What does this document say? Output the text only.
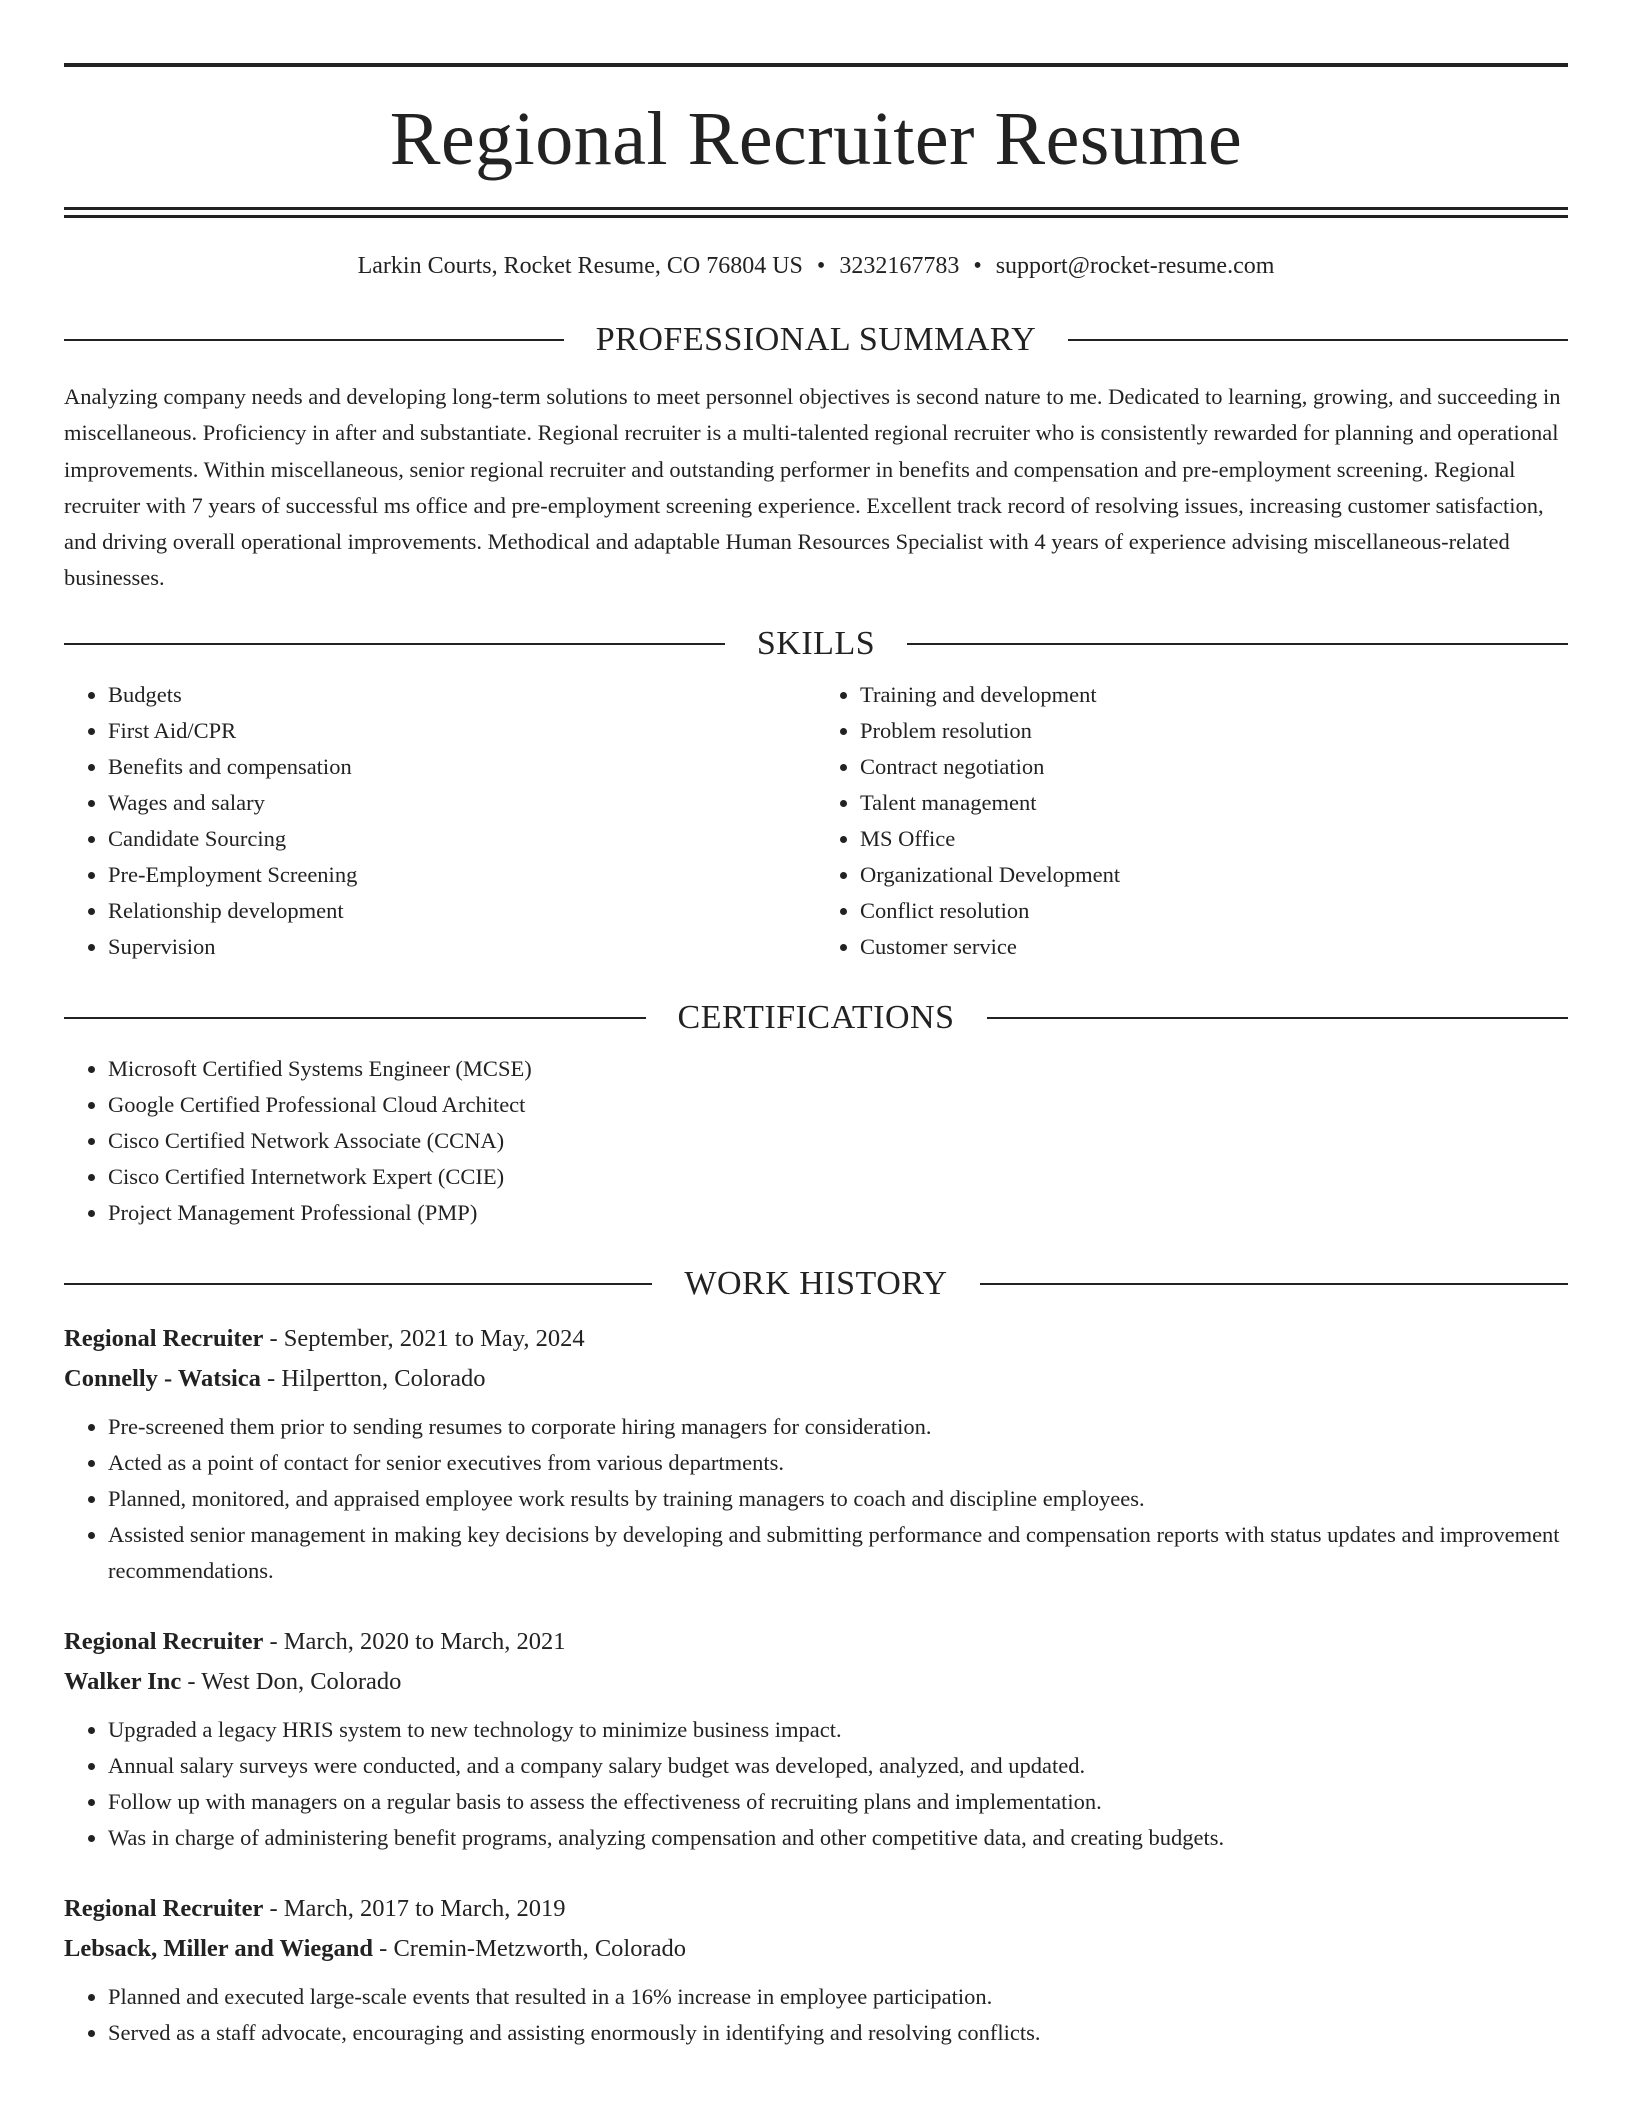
Regional Recruiter Resume
Larkin Courts, Rocket Resume, CO 76804 US • 3232167783 • support@rocket-resume.com
PROFESSIONAL SUMMARY

Analyzing company needs and developing long-term solutions to meet personnel objectives is second nature to me. Dedicated to learning, growing, and succeeding in miscellaneous. Proficiency in after and substantiate. Regional recruiter is a multi-talented regional recruiter who is consistently rewarded for planning and operational improvements. Within miscellaneous, senior regional recruiter and outstanding performer in benefits and compensation and pre-employment screening. Regional recruiter with 7 years of successful ms office and pre-employment screening experience. Excellent track record of resolving issues, increasing customer satisfaction, and driving overall operational improvements. Methodical and adaptable Human Resources Specialist with 4 years of experience advising miscellaneous-related businesses.

SKILLS
• Budgets
• First Aid/CPR
• Benefits and compensation
• Wages and salary
• Candidate Sourcing
• Pre-Employment Screening
• Relationship development
• Supervision
• Training and development
• Problem resolution
• Contract negotiation
• Talent management
• MS Office
• Organizational Development
• Conflict resolution
• Customer service
CERTIFICATIONS
• Microsoft Certified Systems Engineer (MCSE)
• Google Certified Professional Cloud Architect
• Cisco Certified Network Associate (CCNA)
• Cisco Certified Internetwork Expert (CCIE)
• Project Management Professional (PMP)
WORK HISTORY
Regional Recruiter - September, 2021 to May, 2024
Connelly - Watsica - Hilpertton, Colorado
• Pre-screened them prior to sending resumes to corporate hiring managers for consideration.
• Acted as a point of contact for senior executives from various departments.
• Planned, monitored, and appraised employee work results by training managers to coach and discipline employees.
• Assisted senior management in making key decisions by developing and submitting performance and compensation reports with status updates and improvement recommendations.
Regional Recruiter - March, 2020 to March, 2021
Walker Inc - West Don, Colorado
• Upgraded a legacy HRIS system to new technology to minimize business impact.
• Annual salary surveys were conducted, and a company salary budget was developed, analyzed, and updated.
• Follow up with managers on a regular basis to assess the effectiveness of recruiting plans and implementation.
• Was in charge of administering benefit programs, analyzing compensation and other competitive data, and creating budgets.
Regional Recruiter - March, 2017 to March, 2019
Lebsack, Miller and Wiegand - Cremin-Metzworth, Colorado
• Planned and executed large-scale events that resulted in a 16% increase in employee participation.
• Served as a staff advocate, encouraging and assisting enormously in identifying and resolving conflicts.
